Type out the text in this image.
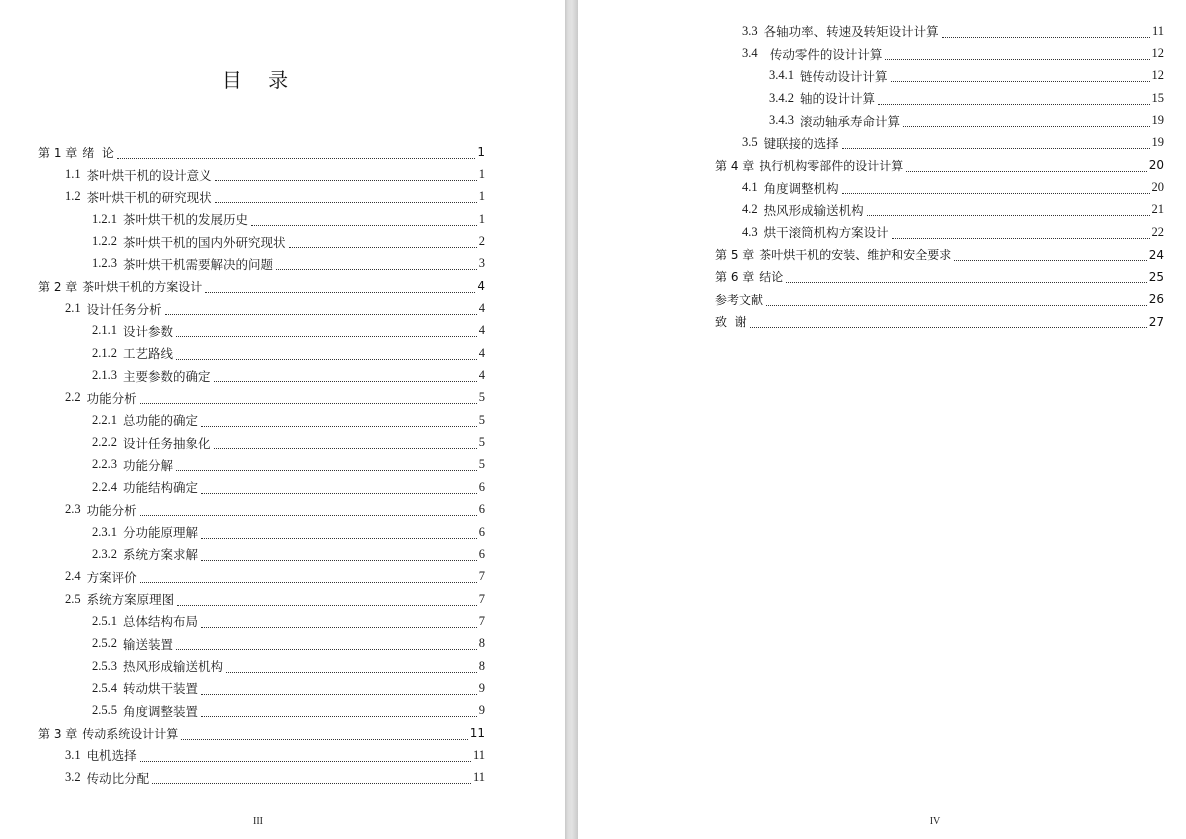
目 录
第 1 章 绪  论	1
1.1 茶叶烘干机的设计意义	1
1.2 茶叶烘干机的研究现状	1
1.2.1 茶叶烘干机的发展历史	1
1.2.2 茶叶烘干机的国内外研究现状	2
1.2.3 茶叶烘干机需要解决的问题	3
第 2 章 茶叶烘干机的方案设计	4
2.1 设计任务分析	4
2.1.1 设计参数	4
2.1.2 工艺路线	4
2.1.3 主要参数的确定	4
2.2 功能分析	5
2.2.1 总功能的确定	5
2.2.2 设计任务抽象化	5
2.2.3 功能分解	5
2.2.4 功能结构确定	6
2.3 功能分析	6
2.3.1 分功能原理解	6
2.3.2 系统方案求解	6
2.4 方案评价	7
2.5 系统方案原理图	7
2.5.1 总体结构布局	7
2.5.2 输送装置	8
2.5.3 热风形成输送机构	8
2.5.4 转动烘干装置	9
2.5.5 角度调整装置	9
第 3 章 传动系统设计计算	11
3.1 电机选择	11
3.2 传动比分配	11
III
3.3 各轴功率、转速及转矩设计计算	11
3.4 传动零件的设计计算	12
3.4.1 链传动设计计算	12
3.4.2 轴的设计计算	15
3.4.3 滚动轴承寿命计算	19
3.5 键联接的选择	19
第 4 章 执行机构零部件的设计计算	20
4.1 角度调整机构	20
4.2 热风形成输送机构	21
4.3 烘干滚筒机构方案设计	22
第 5 章 茶叶烘干机的安装、维护和安全要求	24
第 6 章 结论	25
参考文献	26
致  谢	27
IV
